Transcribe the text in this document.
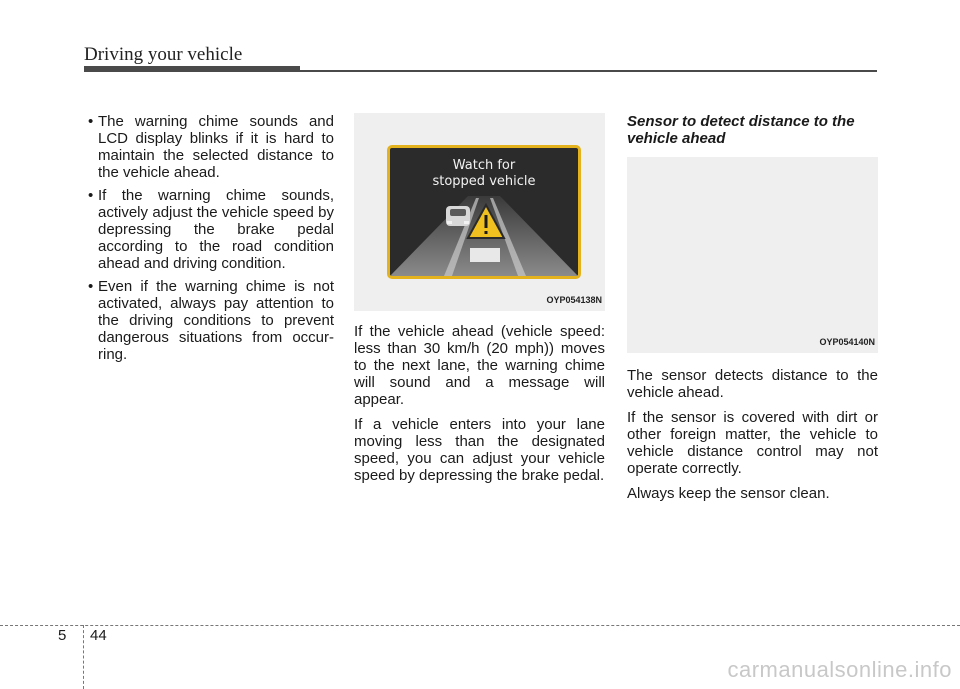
Driving your vehicle
• The warning chime sounds and LCD display blinks if it is hard to maintain the selected distance to the vehicle ahead.
• If the warning chime sounds, actively adjust the vehicle speed by depressing the brake pedal according to the road condition ahead and driving condition.
• Even if the warning chime is not activated, always pay attention to the driving conditions to prevent dangerous situations from occur-ring.
Watch for
stopped vehicle
OYP054138N

If the vehicle ahead (vehicle speed: less than 30 km/h (20 mph)) moves to the next lane, the warning chime will sound and a message will appear.

If a vehicle enters into your lane moving less than the designated speed, you can adjust your vehicle speed by depressing the brake pedal.

Sensor to detect distance to the vehicle ahead
OYP054140N

The sensor detects distance to the vehicle ahead.

If the sensor is covered with dirt or other foreign matter, the vehicle to vehicle distance control may not operate correctly.

Always keep the sensor clean.

5 44
carmanualsonline.info
